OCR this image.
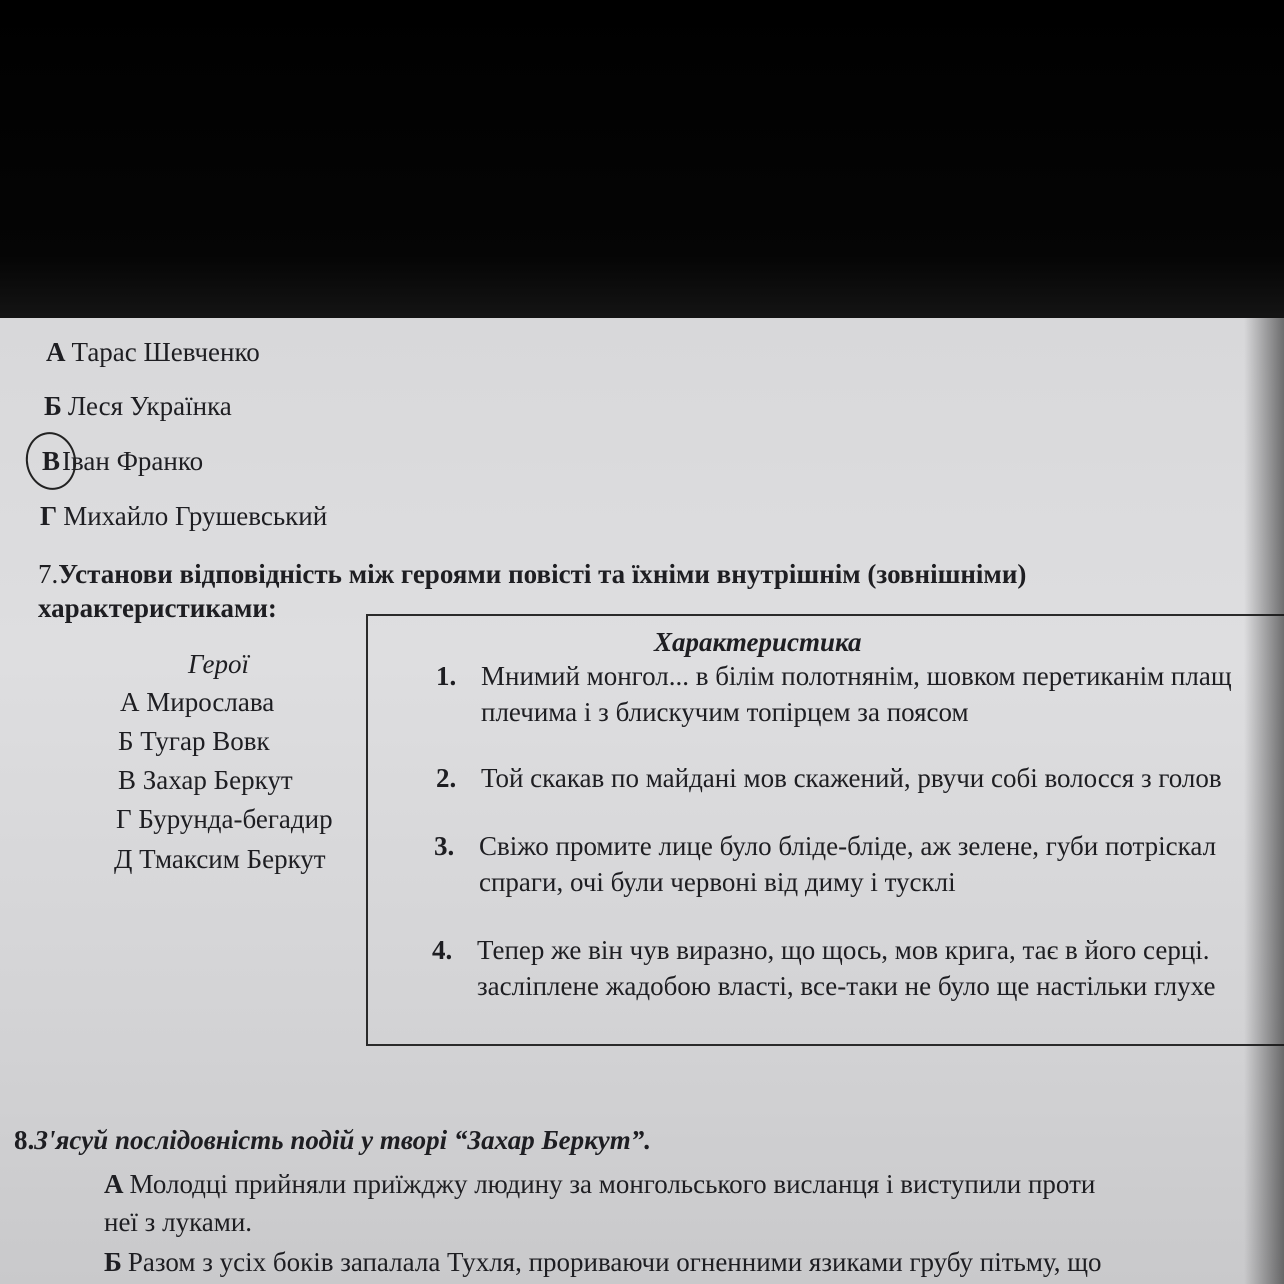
А Тарас Шевченко
Б Леся Українка
ВІван Франко
Г Михайло Грушевський
7.Установи відповідність між героями повісті та їхніми внутрішнім (зовнішніми)
характеристиками:
Герої
А Мирослава
Б Тугар Вовк
В Захар Беркут
Г Бурунда-бегадир
Д Тмаксим Беркут
Характеристика
1. Мнимий монгол... в білім полотнянім, шовком перетиканім плащ
плечима і з блискучим топірцем за поясом
2. Той скакав по майдані мов скажений, рвучи собі волосся з голов
3. Свіжо промите лице було бліде-бліде, аж зелене, губи потріскал
спраги, очі були червоні від диму і тусклі
4. Тепер же він чув виразно, що щось, мов крига, тає в його серці.
засліплене жадобою власті, все-таки не було ще настільки глухе
8.З'ясуй послідовність подій у творі “Захар Беркут”.
А Молодці прийняли приїжджу людину за монгольського висланця і виступили проти
неї з луками.
Б Разом з усіх боків запалала Тухля, прориваючи огненними язиками грубу пітьму, що
